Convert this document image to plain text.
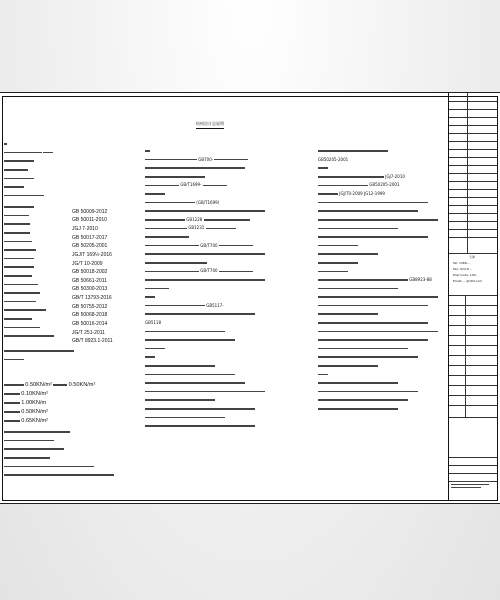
结构设计总说明

GB 50009-2012
GB 50011-2010
JGJ 7-2010
GB 50017-2017
GB 50205-2001
JGJ/T 169½-2016
JG/T 10-2009
GB 50018-2002
GB 50661-2011
GB 50300-2013
GB/T 13793-2016
GB 50755-2012
GB 50068-2018
GB 50016-2014
JG/T 251-2011
GB/T 8923.1-2011
0.50KN/m²	0.50KN/m²
0.10KN/m²
1.00KN/m
0.50KN/m²
0.65KN/m²
GB700-
GB/T1699-
(GB/T1699)
GB1228
GB1231
GB/T700
GB/T700
GB5117-
GB5118
GB50205-2001
JGJ7-2010
GB50205-2001
JGJ/T0-2009 JG12-1999
GB8923-88
天津
Tel: 1368-..
Fax: 024-8...
Post Code: 100..
Email: ...@163.com
